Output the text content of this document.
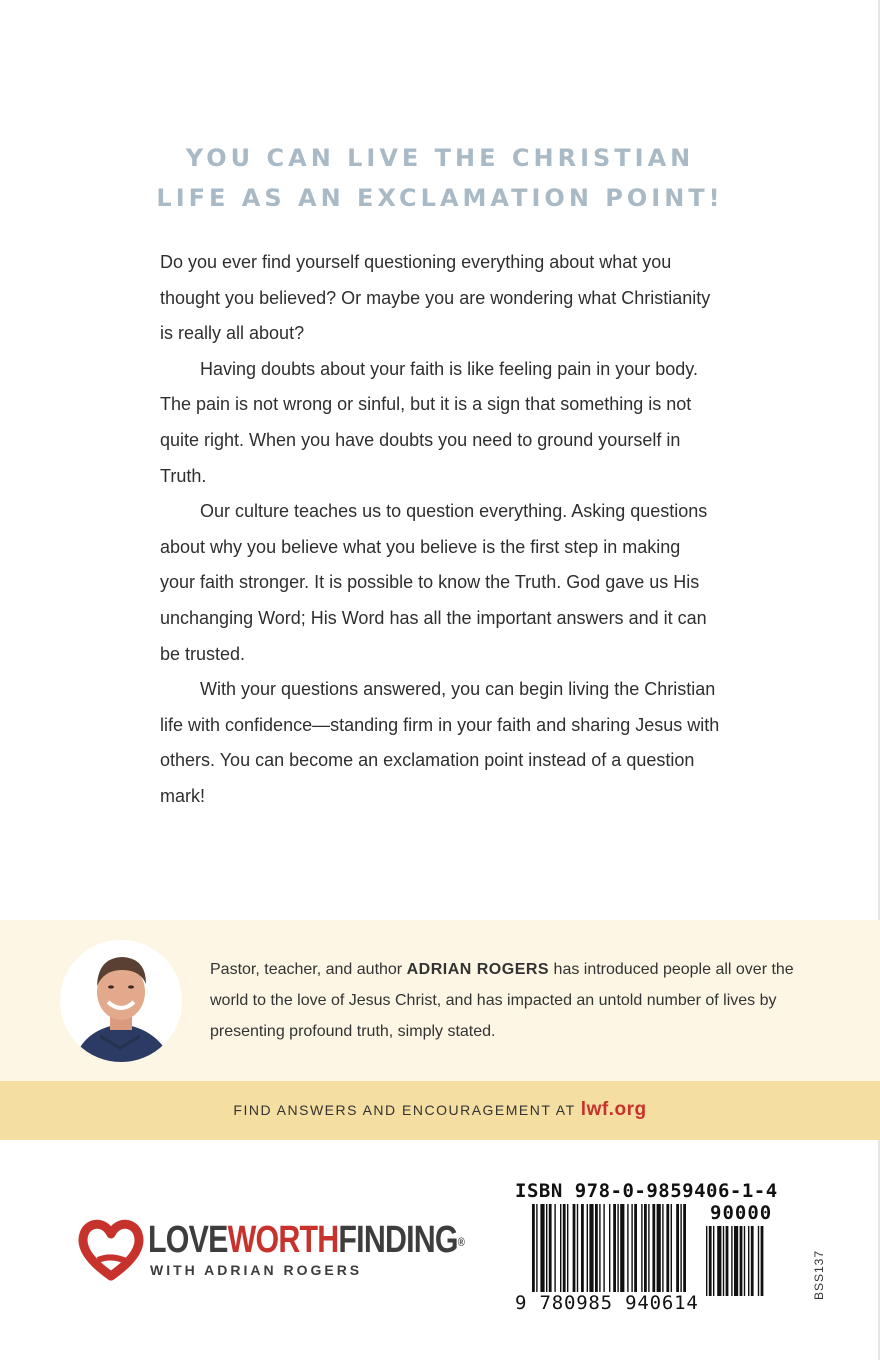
YOU CAN LIVE THE CHRISTIAN
LIFE AS AN EXCLAMATION POINT!

Do you ever find yourself questioning everything about what you thought you believed? Or maybe you are wondering what Christianity is really all about?

Having doubts about your faith is like feeling pain in your body. The pain is not wrong or sinful, but it is a sign that something is not quite right. When you have doubts you need to ground yourself in Truth.

Our culture teaches us to question everything. Asking questions about why you believe what you believe is the first step in making your faith stronger. It is possible to know the Truth. God gave us His unchanging Word; His Word has all the important answers and it can be trusted.

With your questions answered, you can begin living the Christian life with confidence—standing firm in your faith and sharing Jesus with others. You can become an exclamation point instead of a question mark!

Pastor, teacher, and author ADRIAN ROGERS has introduced people all over the world to the love of Jesus Christ, and has impacted an untold number of lives by presenting profound truth, simply stated.
FIND ANSWERS AND ENCOURAGEMENT AT lwf.org
LOVEWORTHFINDING®
WITH ADRIAN ROGERS
ISBN 978-0-9859406-1-4
90000
9 780985 940614
BSS137
